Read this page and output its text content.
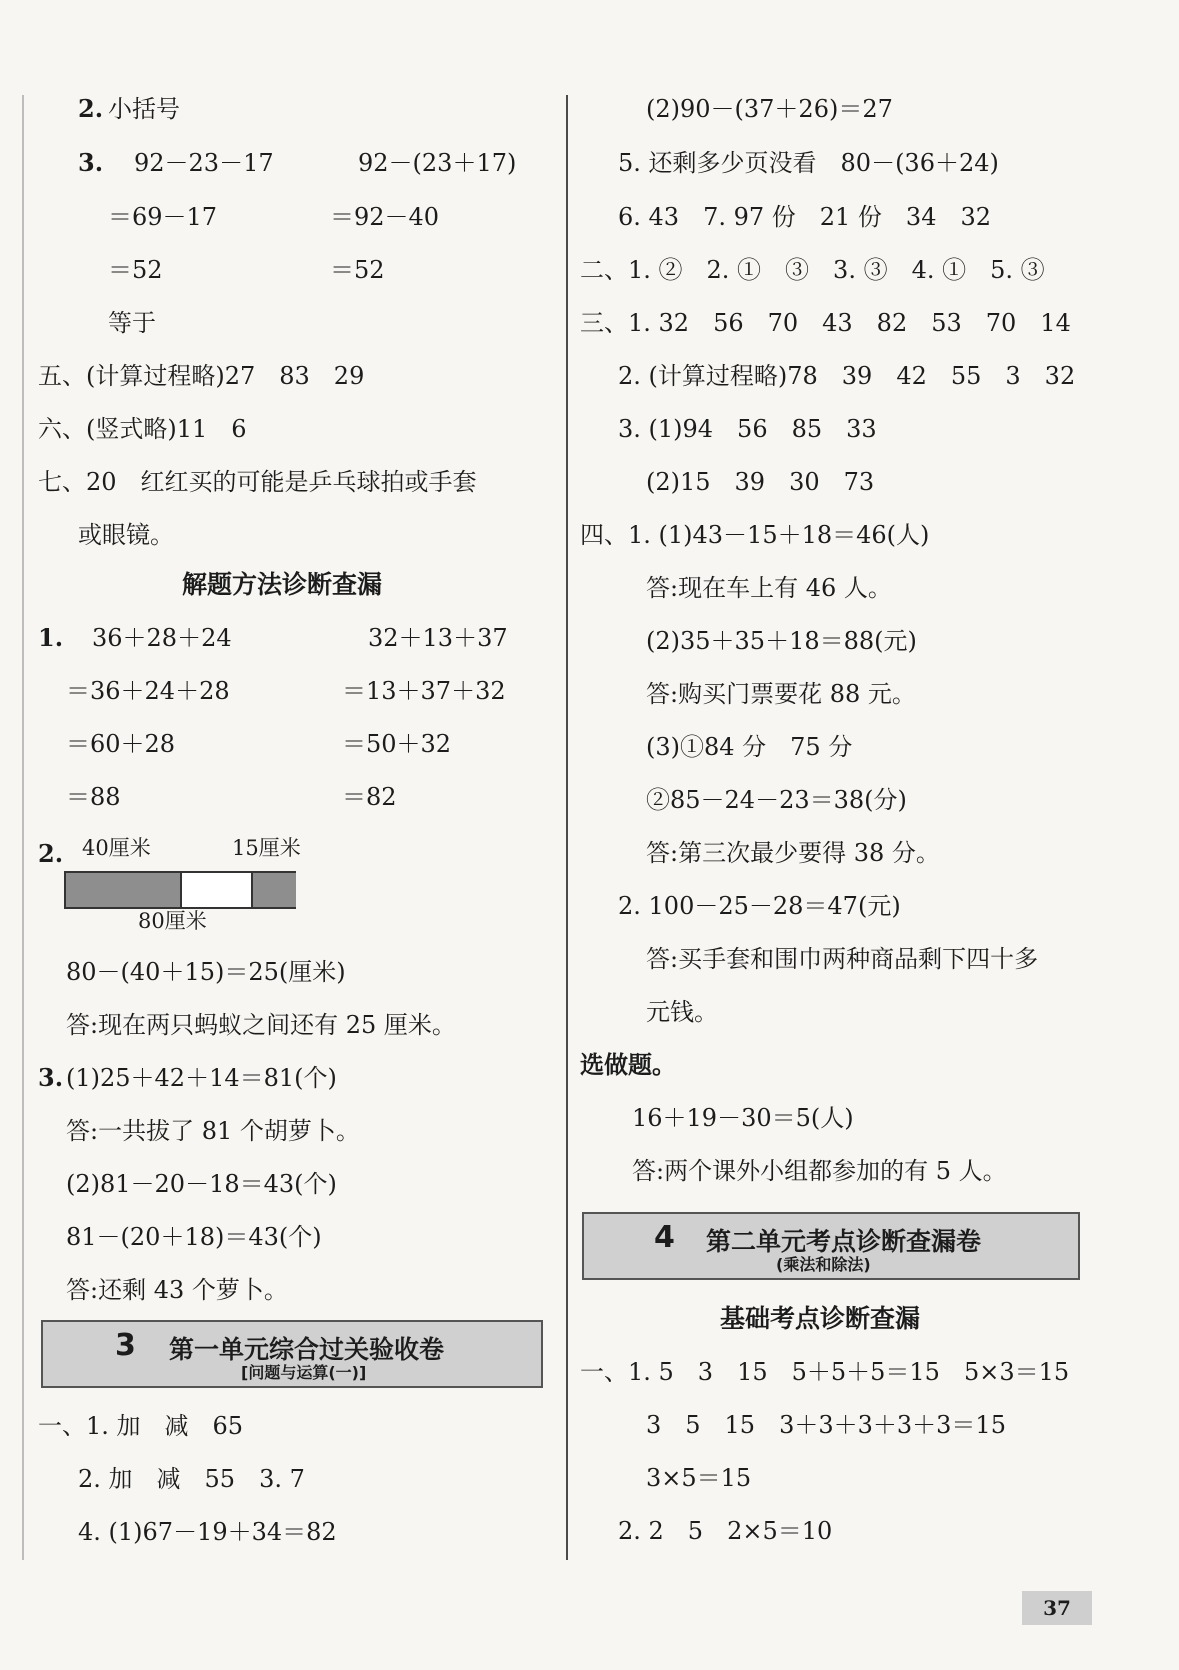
2. 小括号
3. 92－23－17	92－(23＋17)
＝69－17	＝92－40
＝52	＝52
等于
五、(计算过程略)27　83　29
六、(竖式略)11　6
七、20　红红买的可能是乒乓球拍或手套
或眼镜。
解题方法诊断查漏
1. 36＋28＋24	32＋13＋37
＝36＋24＋28	＝13＋37＋32
＝60＋28	＝50＋32
＝88	＝82
2. 40厘米	15厘米
80厘米
80－(40＋15)＝25(厘米)
答:现在两只蚂蚁之间还有 25 厘米。
3. (1)25＋42＋14＝81(个)
答:一共拔了 81 个胡萝卜。
(2)81－20－18＝43(个)
81－(20＋18)＝43(个)
答:还剩 43 个萝卜。
3 第一单元综合过关验收卷
[问题与运算(一)]
一、1. 加　减　65
2. 加　减　55　3. 7
4. (1)67－19＋34＝82
(2)90－(37＋26)＝27
5. 还剩多少页没看　80－(36＋24)
6. 43　7. 97 份　21 份　34　32
二、1. ②　2. ①　③　3. ③　4. ①　5. ③
三、1. 32　56　70　43　82　53　70　14
2. (计算过程略)78　39　42　55　3　32
3. (1)94　56　85　33
(2)15　39　30　73
四、1. (1)43－15＋18＝46(人)
答:现在车上有 46 人。
(2)35＋35＋18＝88(元)
答:购买门票要花 88 元。
(3)①84 分　75 分
②85－24－23＝38(分)
答:第三次最少要得 38 分。
2. 100－25－28＝47(元)
答:买手套和围巾两种商品剩下四十多
元钱。
选做题。
16＋19－30＝5(人)
答:两个课外小组都参加的有 5 人。
4 第二单元考点诊断查漏卷
(乘法和除法)
基础考点诊断查漏
一、1. 5　3　15　5＋5＋5＝15　5×3＝15
3　5　15　3＋3＋3＋3＋3＝15
3×5＝15
2. 2　5　2×5＝10
37
